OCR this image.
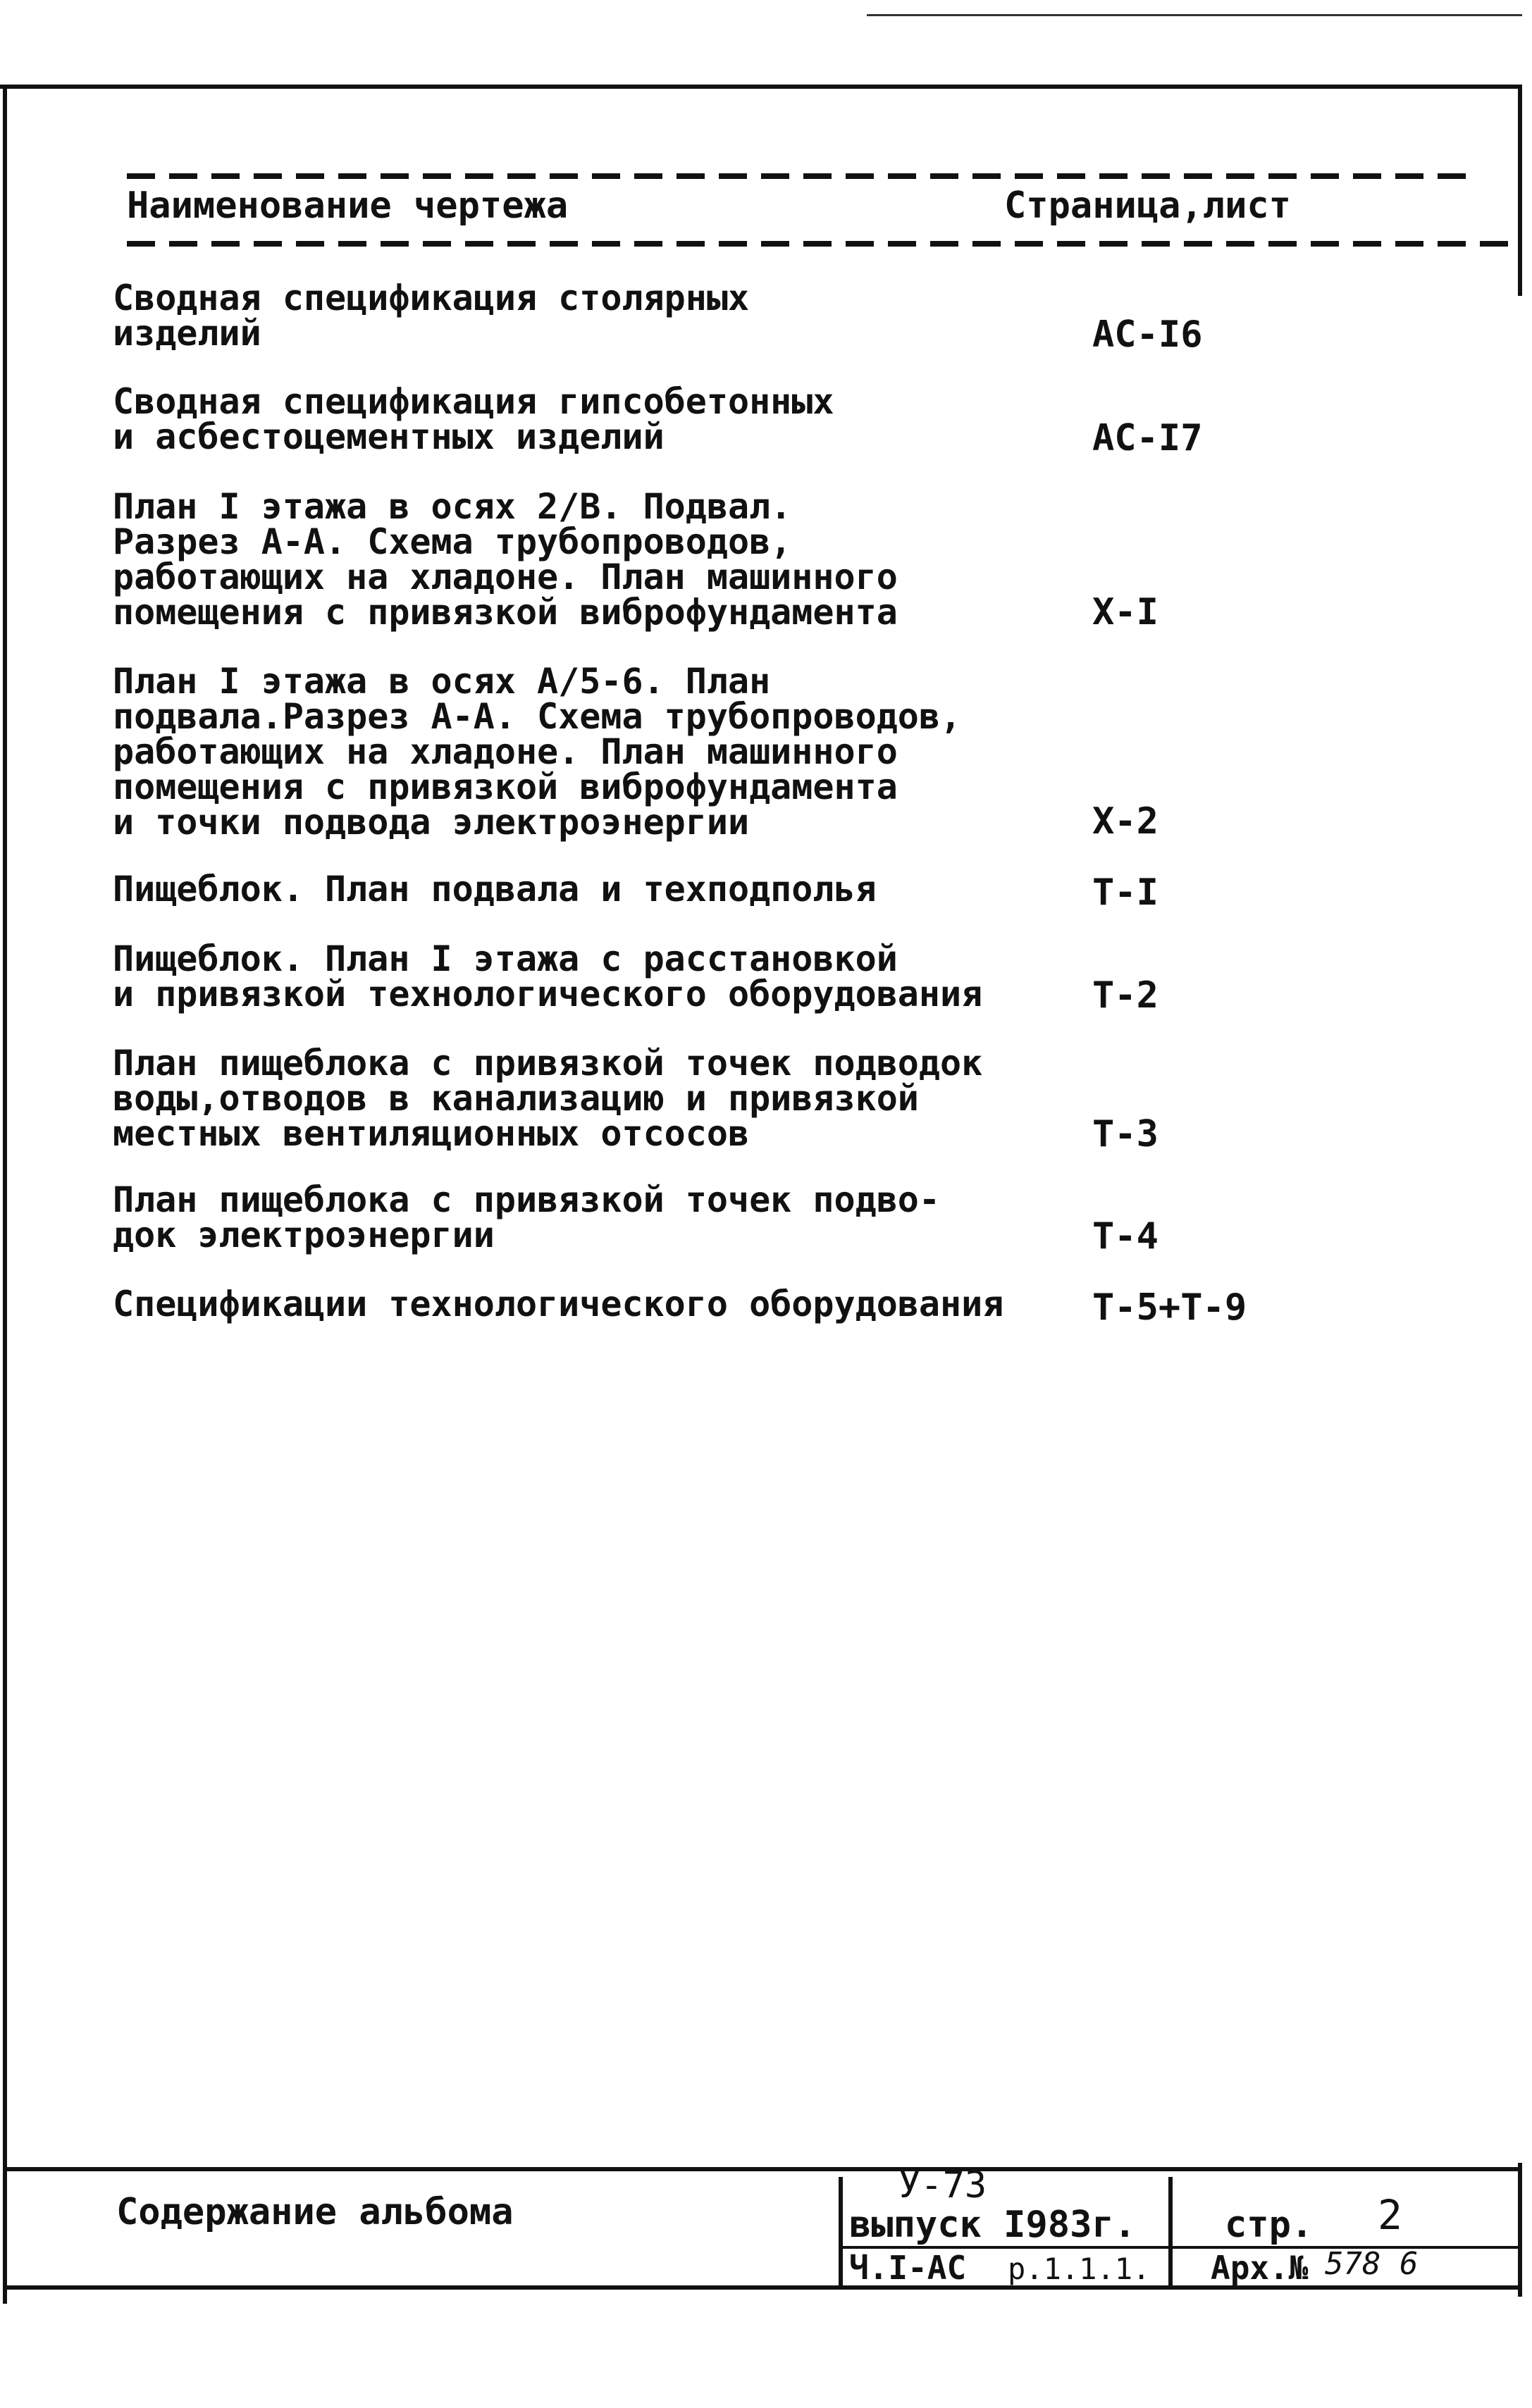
Наименование чертежа	Страница,лист
Сводная спецификация столярных
изделий	АС-I6
Сводная спецификация гипсобетонных
и асбестоцементных изделий	АС-I7
План I этажа в осях 2/В. Подвал.
Разрез А-А. Схема трубопроводов,
работающих на хладоне. План машинного
помещения с привязкой виброфундамента	Х-I
План I этажа в осях А/5-6. План
подвала.Разрез А-А. Схема трубопроводов,
работающих на хладоне. План машинного
помещения с привязкой виброфундамента
и точки подвода электроэнергии	Х-2
Пищеблок. План подвала и техподполья	Т-I
Пищеблок. План I этажа с расстановкой
и привязкой технологического оборудования	Т-2
План пищеблока с привязкой точек подводок
воды,отводов в канализацию и привязкой
местных вентиляционных отсосов	Т-3
План пищеблока с привязкой точек подво-
док электроэнергии	Т-4
Спецификации технологического оборудования	Т-5+Т-9
Содержание альбома
У-73
выпуск I983г.
Ч.I-АС р.1.1.1.
стр. 2
Арх.№ 578 6
